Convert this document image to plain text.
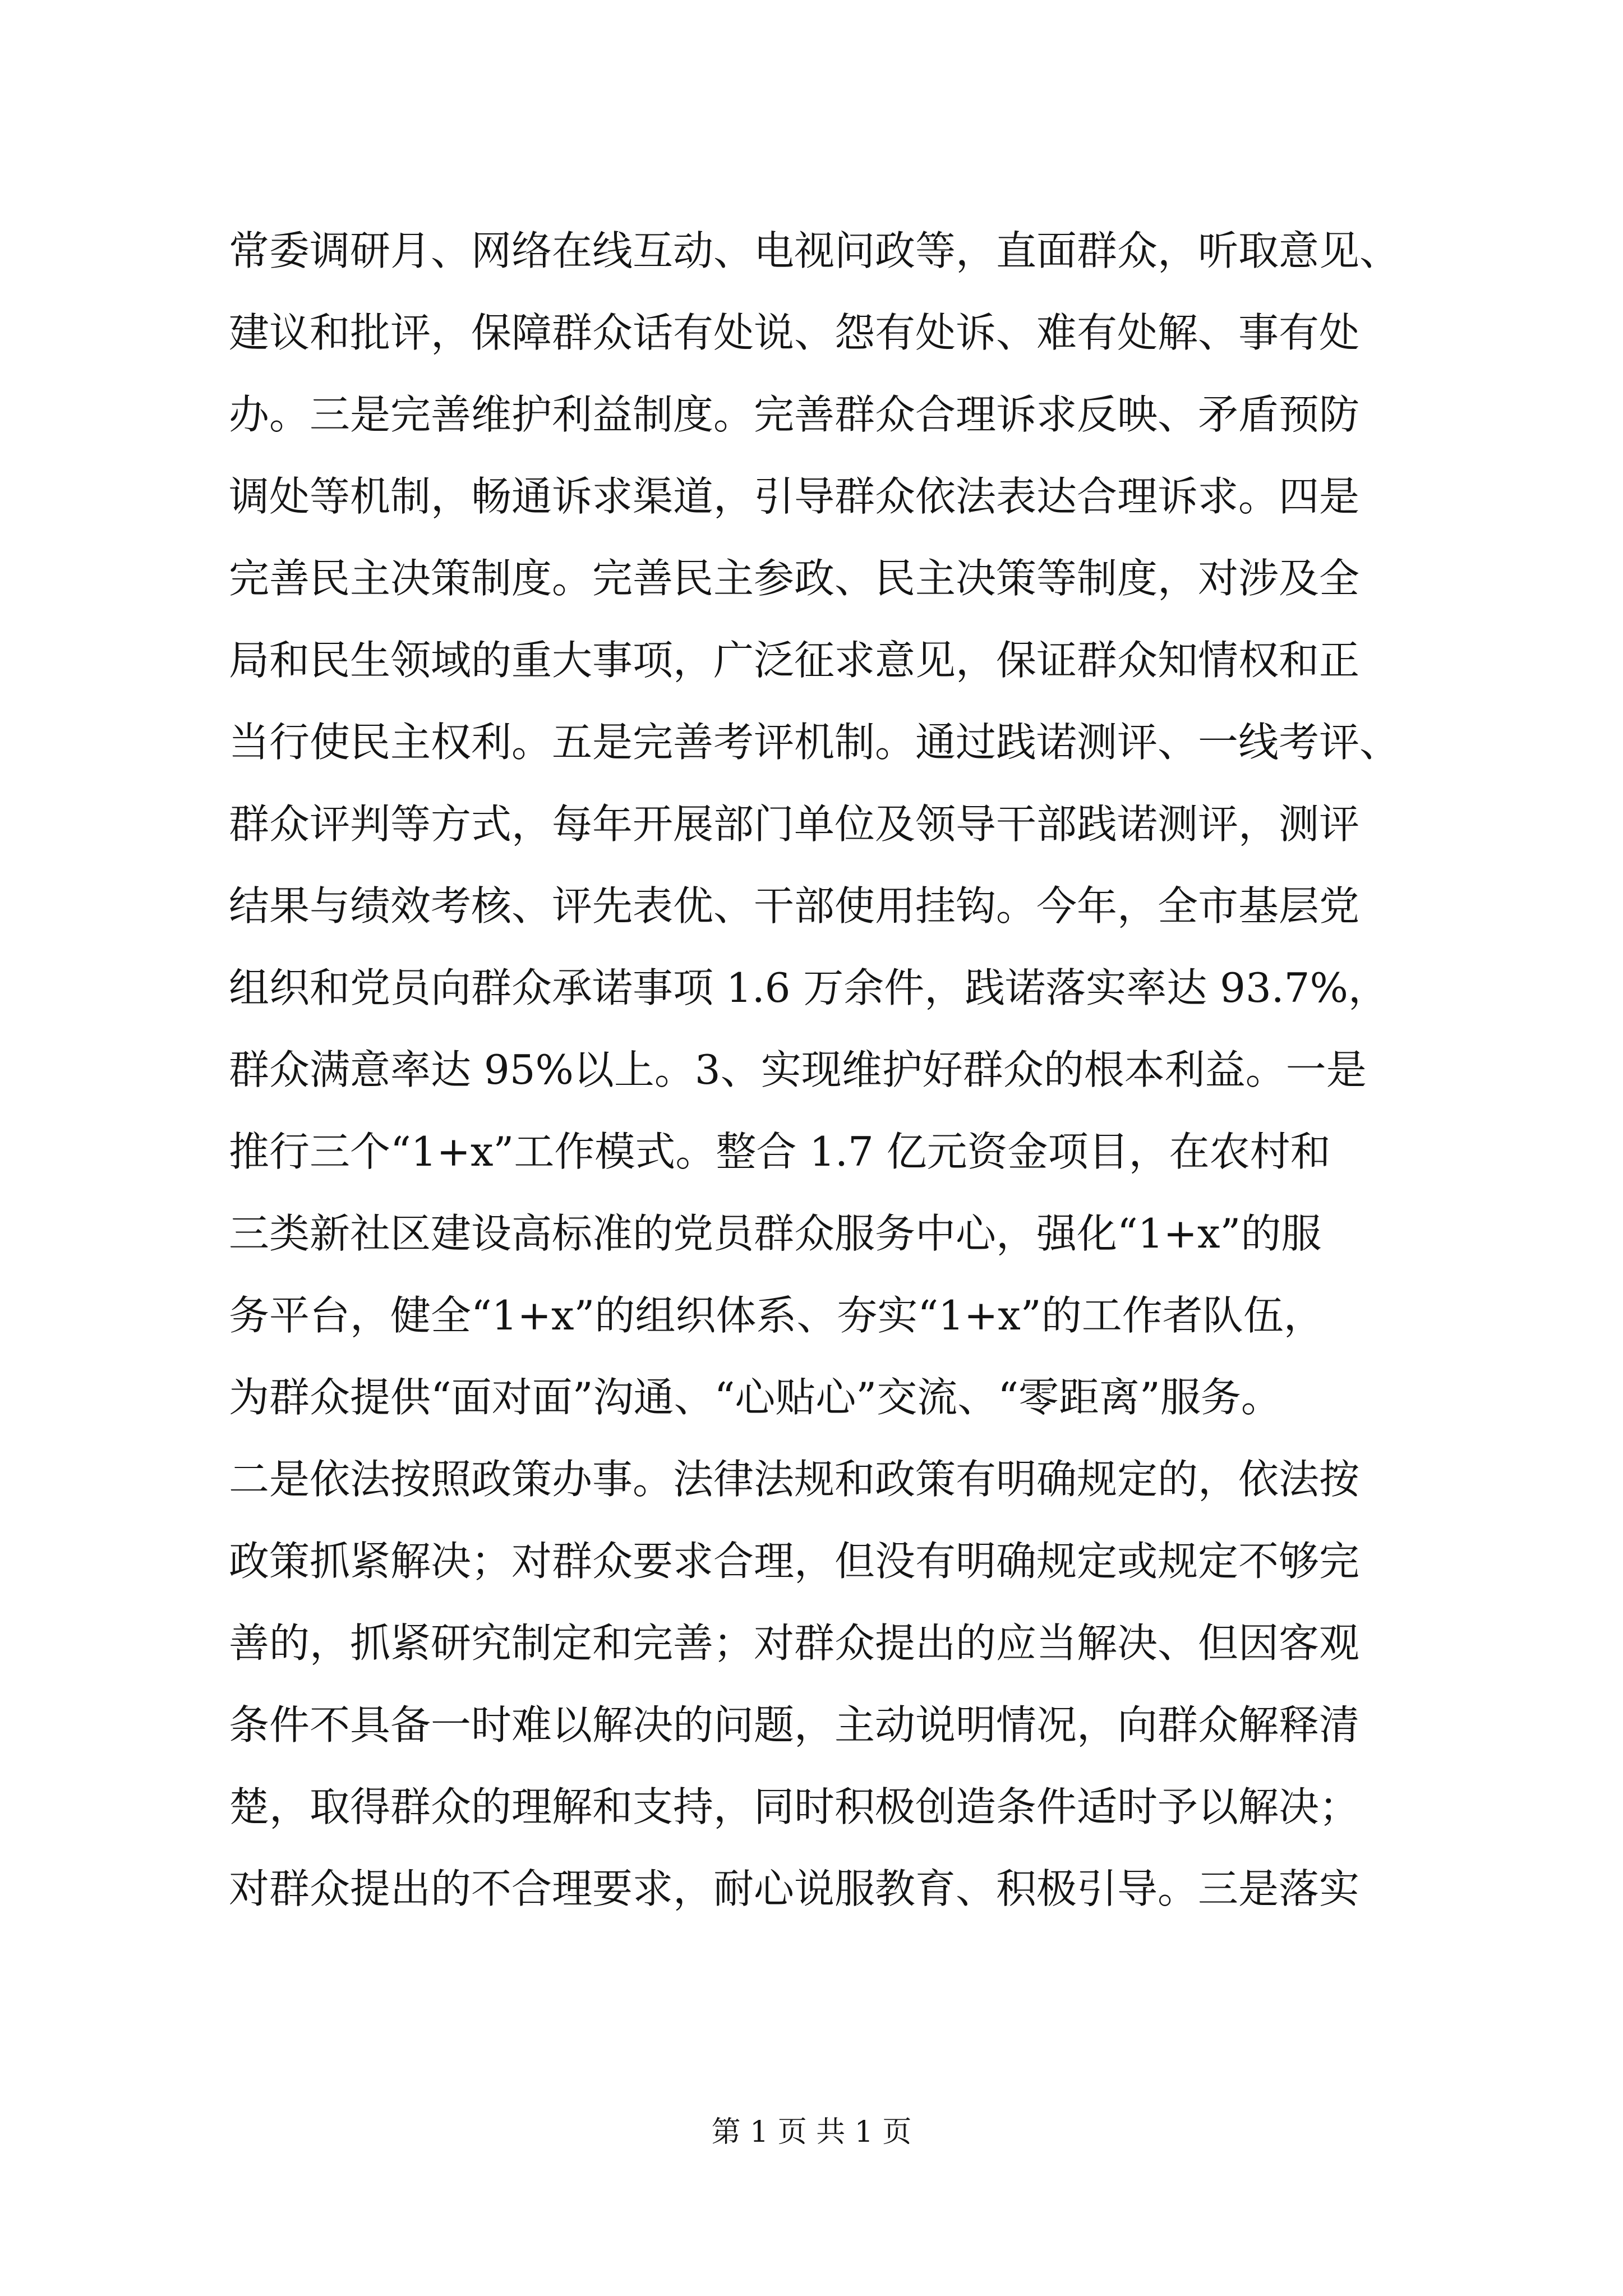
常委调研月、网络在线互动、电视问政等，直面群众，听取意见、
建议和批评，保障群众话有处说、怨有处诉、难有处解、事有处
办。三是完善维护利益制度。完善群众合理诉求反映、矛盾预防
调处等机制，畅通诉求渠道，引导群众依法表达合理诉求。四是
完善民主决策制度。完善民主参政、民主决策等制度，对涉及全
局和民生领域的重大事项，广泛征求意见，保证群众知情权和正
当行使民主权利。五是完善考评机制。通过践诺测评、一线考评、
群众评判等方式，每年开展部门单位及领导干部践诺测评，测评
结果与绩效考核、评先表优、干部使用挂钩。今年，全市基层党
组织和党员向群众承诺事项 1.6 万余件，践诺落实率达 93.7%，
群众满意率达 95%以上。3、实现维护好群众的根本利益。一是
推行三个“1+x”工作模式。整合 1.7 亿元资金项目，在农村和
三类新社区建设高标准的党员群众服务中心，强化“1+x”的服
务平台，健全“1+x”的组织体系、夯实“1+x”的工作者队伍，
为群众提供“面对面”沟通、“心贴心”交流、“零距离”服务。
二是依法按照政策办事。法律法规和政策有明确规定的，依法按
政策抓紧解决；对群众要求合理，但没有明确规定或规定不够完
善的，抓紧研究制定和完善；对群众提出的应当解决、但因客观
条件不具备一时难以解决的问题，主动说明情况，向群众解释清
楚，取得群众的理解和支持，同时积极创造条件适时予以解决；
对群众提出的不合理要求，耐心说服教育、积极引导。三是落实
第 1 页 共 1 页
